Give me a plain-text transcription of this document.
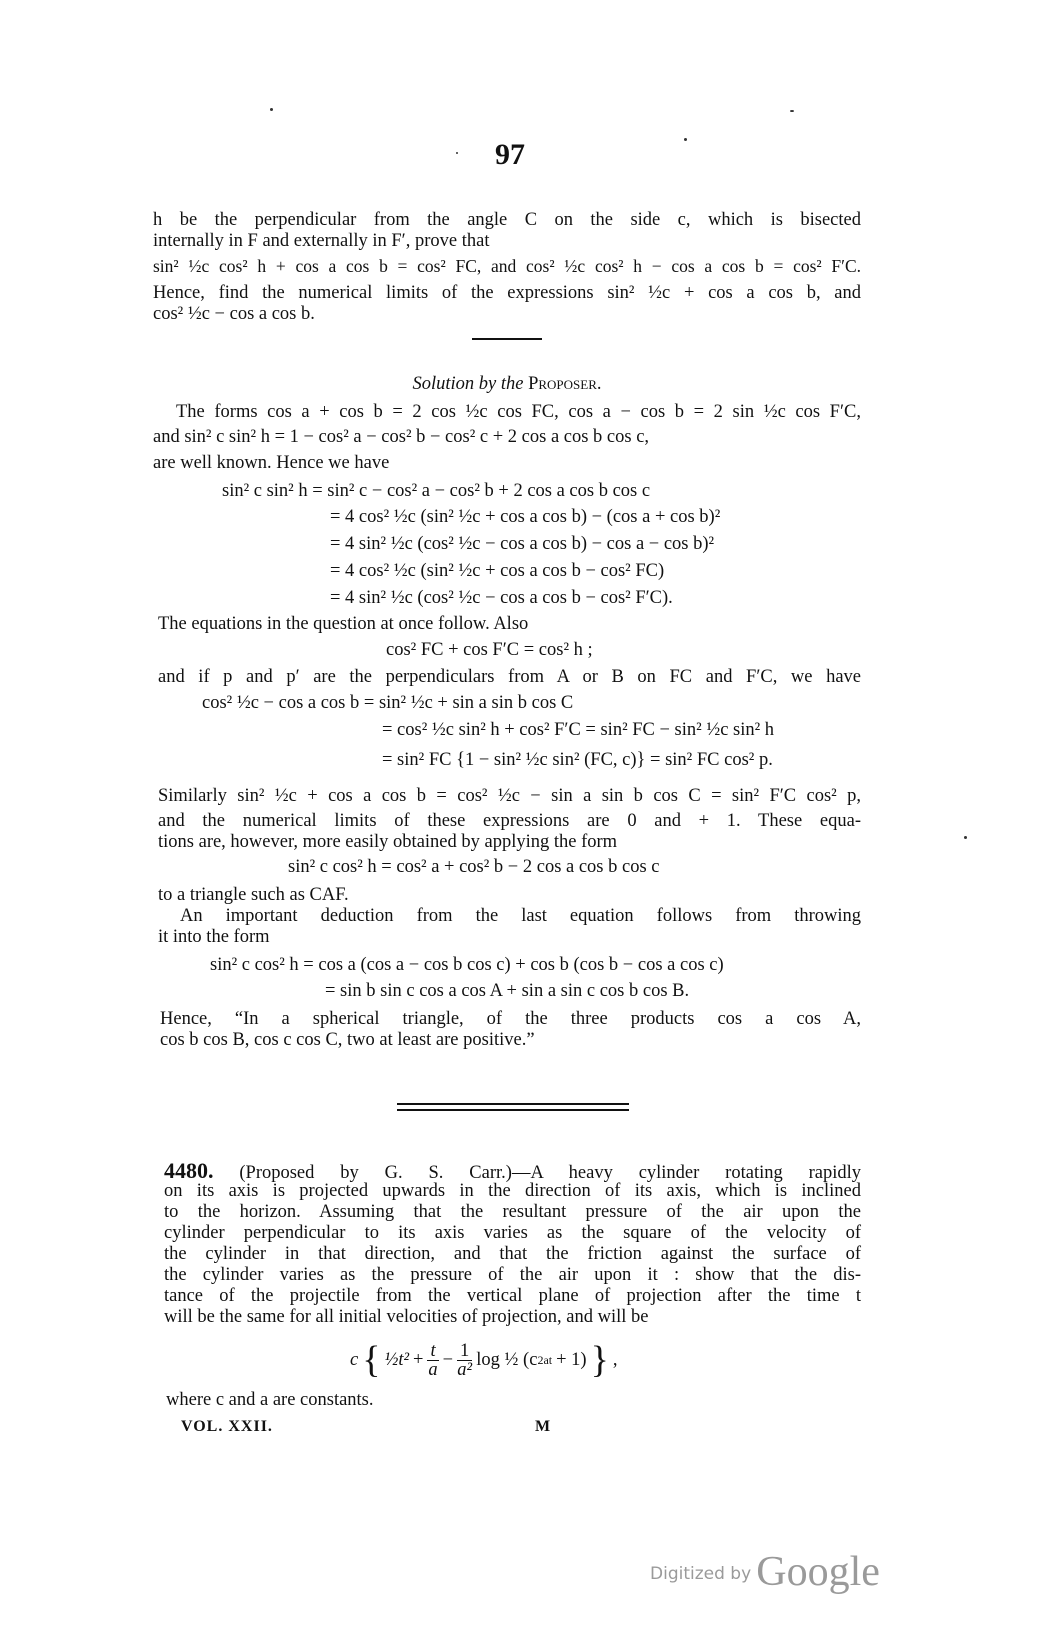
97
h be the perpendicular from the angle C on the side c, which is bisected
internally in F and externally in F′, prove that
sin² ½c cos² h + cos a cos b = cos² FC, and cos² ½c cos² h − cos a cos b = cos² F′C.
Hence, find the numerical limits of the expressions sin² ½c + cos a cos b, and
cos² ½c − cos a cos b.
Solution by the Proposer.
The forms cos a + cos b = 2 cos ½c cos FC, cos a − cos b = 2 sin ½c cos F′C,
and sin² c sin² h = 1 − cos² a − cos² b − cos² c + 2 cos a cos b cos c,
are well known. Hence we have
sin² c sin² h = sin² c − cos² a − cos² b + 2 cos a cos b cos c
= 4 cos² ½c (sin² ½c + cos a cos b) − (cos a + cos b)²
= 4 sin² ½c (cos² ½c − cos a cos b) − cos a − cos b)²
= 4 cos² ½c (sin² ½c + cos a cos b − cos² FC)
= 4 sin² ½c (cos² ½c − cos a cos b − cos² F′C).
The equations in the question at once follow. Also
cos² FC + cos F′C = cos² h ;
and if p and p′ are the perpendiculars from A or B on FC and F′C, we have
cos² ½c − cos a cos b = sin² ½c + sin a sin b cos C
= cos² ½c sin² h + cos² F′C = sin² FC − sin² ½c sin² h
= sin² FC {1 − sin² ½c sin² (FC, c)} = sin² FC cos² p.
Similarly sin² ½c + cos a cos b = cos² ½c − sin a sin b cos C = sin² F′C cos² p,
and the numerical limits of these expressions are 0 and + 1. These equa-
tions are, however, more easily obtained by applying the form
sin² c cos² h = cos² a + cos² b − 2 cos a cos b cos c
to a triangle such as CAF.
An important deduction from the last equation follows from throwing
it into the form
sin² c cos² h = cos a (cos a − cos b cos c) + cos b (cos b − cos a cos c)
= sin b sin c cos a cos A + sin a sin c cos b cos B.
Hence, “In a spherical triangle, of the three products cos a cos A,
cos b cos B, cos c cos C, two at least are positive.”
4480. (Proposed by G. S. Carr.)—A heavy cylinder rotating rapidly
on its axis is projected upwards in the direction of its axis, which is inclined
to the horizon. Assuming that the resultant pressure of the air upon the
cylinder perpendicular to its axis varies as the square of the velocity of
the cylinder in that direction, and that the friction against the surface of
the cylinder varies as the pressure of the air upon it : show that the dis-
tance of the projectile from the vertical plane of projection after the time t
will be the same for all initial velocities of projection, and will be
c { ½t² + $\frac{t}{a} - \frac{1}{\text{a²}}$ log ½ (c 2at + 1) } ,
where c and a are constants.
VOL. XXII.	M
Digitized by Google
